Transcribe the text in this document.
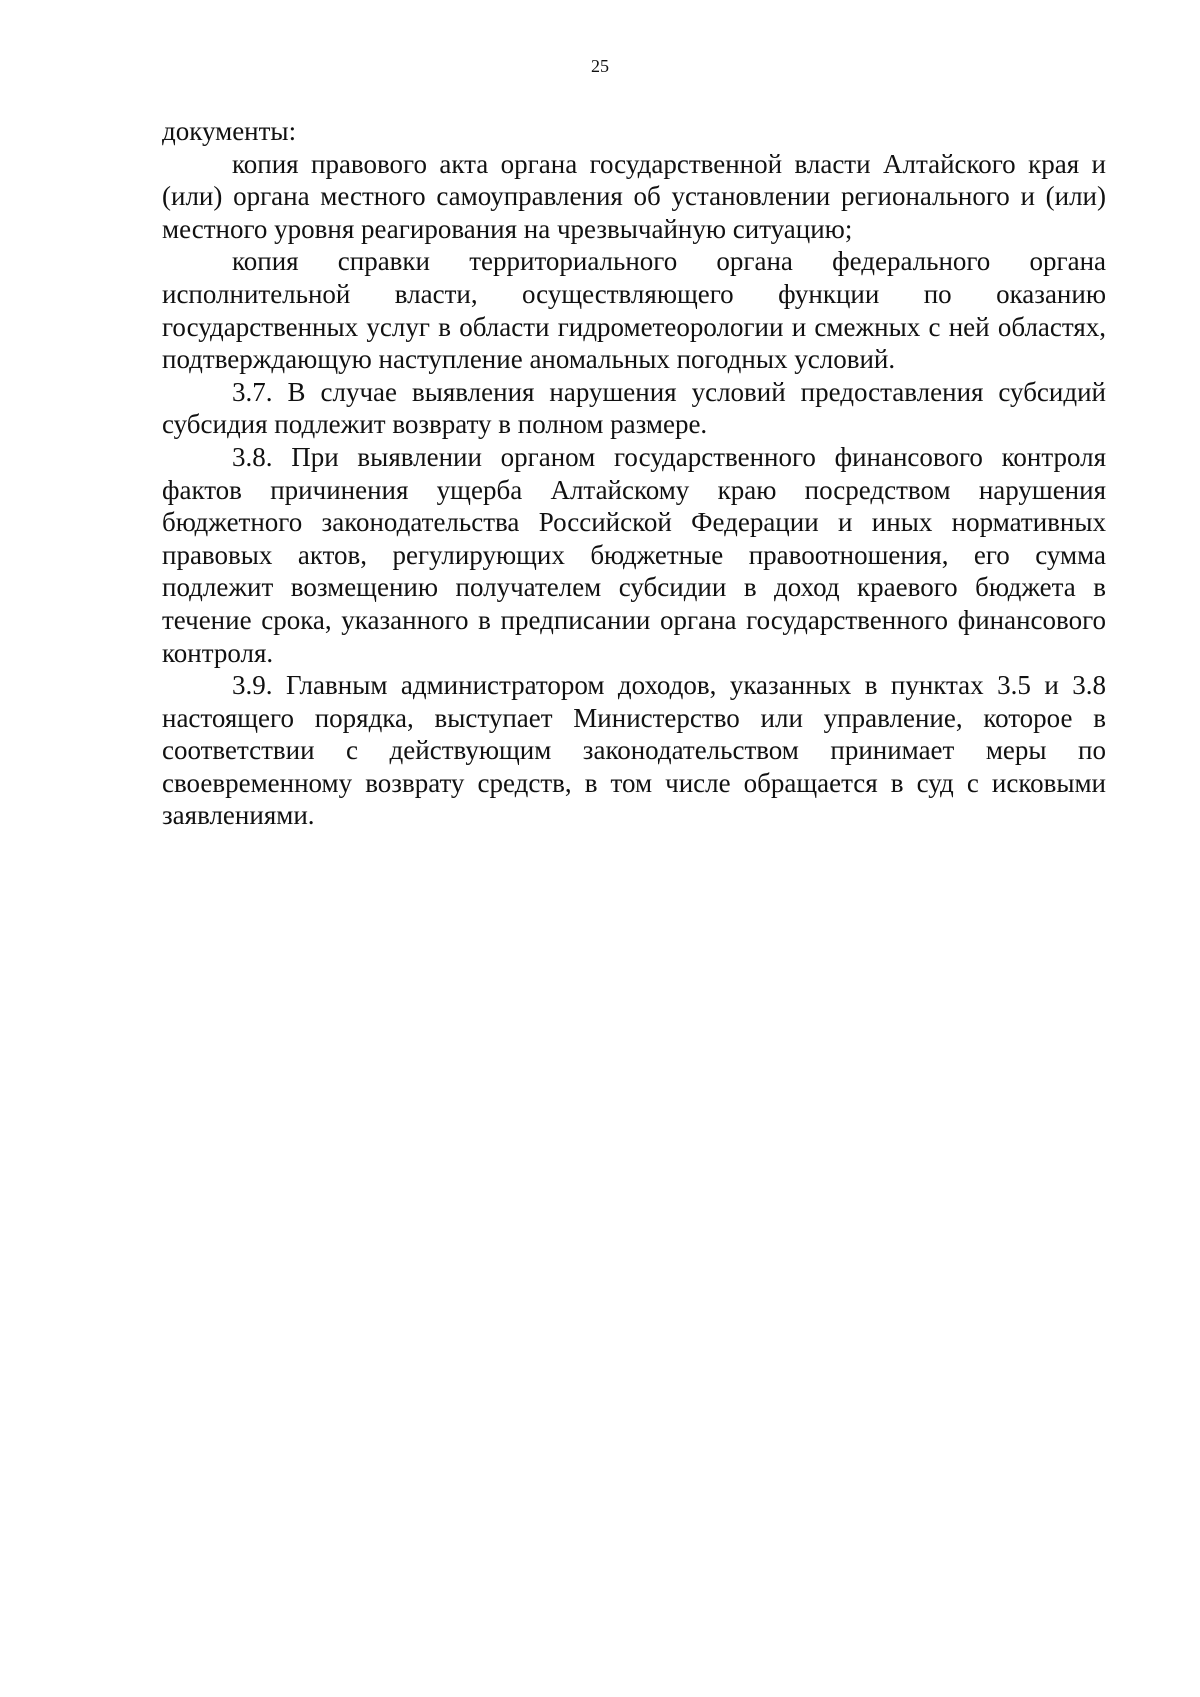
25

документы:

копия правового акта органа государственной власти Алтайского края и (или) органа местного самоуправления об установлении регионального и (или) местного уровня реагирования на чрезвычайную ситуацию;

копия справки территориального органа федерального органа исполнительной власти, осуществляющего функции по оказанию государственных услуг в области гидрометеорологии и смежных с ней областях, подтверждающую наступление аномальных погодных условий.

3.7. В случае выявления нарушения условий предоставления субсидий субсидия подлежит возврату в полном размере.

3.8. При выявлении органом государственного финансового контроля фактов причинения ущерба Алтайскому краю посредством нарушения бюджетного законодательства Российской Федерации и иных нормативных правовых актов, регулирующих бюджетные правоотношения, его сумма подлежит возмещению получателем субсидии в доход краевого бюджета в течение срока, указанного в предписании органа государственного финансового контроля.

3.9. Главным администратором доходов, указанных в пунктах 3.5 и 3.8 настоящего порядка, выступает Министерство или управление, которое в соответствии с действующим законодательством принимает меры по своевременному возврату средств, в том числе обращается в суд с исковыми заявлениями.
